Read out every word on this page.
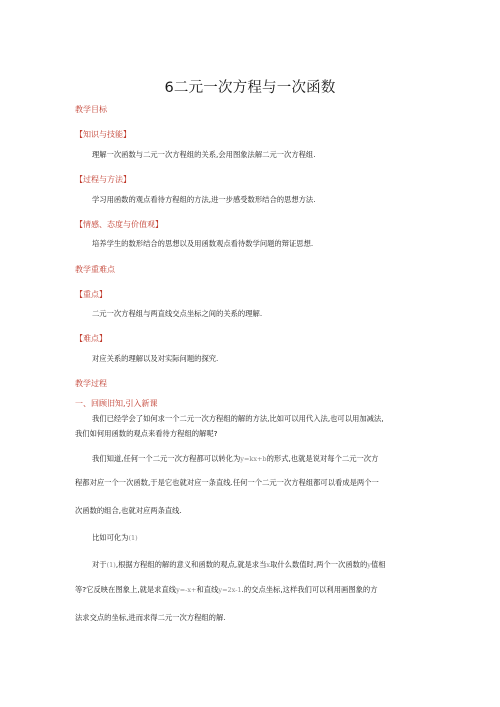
6二元一次方程与一次函数
教学目标
【知识与技能】
理解一次函数与二元一次方程组的关系,会用图象法解二元一次方程组.
【过程与方法】
学习用函数的观点看待方程组的方法,进一步感受数形结合的思想方法.
【情感、态度与价值观】
培养学生的数形结合的思想以及用函数观点看待数学问题的辩证思想.
教学重难点
【重点】
二元一次方程组与两直线交点坐标之间的关系的理解.
【难点】
对应关系的理解以及对实际问题的探究.
教学过程
一、回顾旧知,引入新课
我们已经学会了如何求一个二元一次方程组的解的方法,比如可以用代入法,也可以用加减法,
我们如何用函数的观点来看待方程组的解呢?
我们知道,任何一个二元一次方程都可以转化为y=kx+b的形式,也就是说对每个二元一次方
程都对应一个一次函数,于是它也就对应一条直线.任何一个二元一次方程组都可以看成是两个一
次函数的组合,也就对应两条直线.
比如可化为(1)
对于(1),根据方程组的解的意义和函数的观点,就是求当x取什么数值时,两个一次函数的y值相
等?它反映在图象上,就是求直线y=-x+和直线y=2x-1.的交点坐标,这样我们可以利用画图象的方
法求交点的坐标,进而求得二元一次方程组的解.
